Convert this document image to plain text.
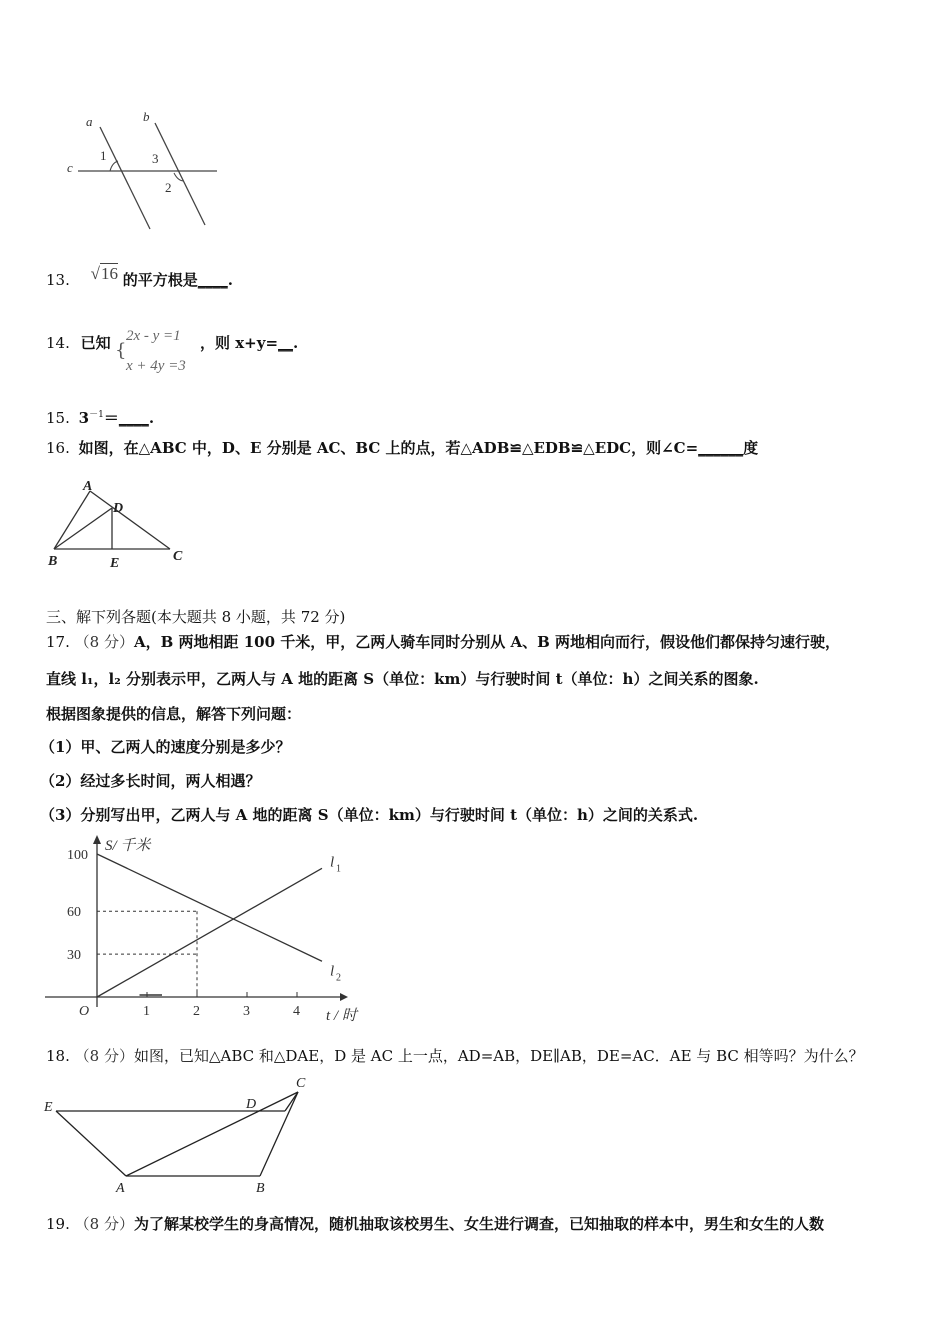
a	b
c
1	3
2
13. √16 的平方根是____.
14. 已知 {
2x - y =1
x + 4y =3
，则 x+y=__.
15. $3^{-1}=\_\_\_\_$.
16. 如图，在△ABC 中，D、E 分别是 AC、BC 上的点，若△ADB≌△EDB≌△EDC，则∠C=______度
A
D
B	E	C
三、解下列各题(本大题共 8 小题，共 72 分)
17. （8 分）A，B 两地相距 100 千米，甲，乙两人骑车同时分别从 A、B 两地相向而行，假设他们都保持匀速行驶，
直线 l₁，l₂ 分别表示甲，乙两人与 A 地的距离 S（单位：km）与行驶时间 t（单位：h）之间关系的图象.
根据图象提供的信息，解答下列问题：
（1）甲、乙两人的速度分别是多少？
（2）经过多长时间，两人相遇？
（3）分别写出甲，乙两人与 A 地的距离 S（单位：km）与行驶时间 t（单位：h）之间的关系式.
S/ 千米
t / 时
O	1	2	3	4
30
60
100	l 1
l 2
18. （8 分）如图，已知△ABC 和△DAE，D 是 AC 上一点，AD=AB，DE∥AB，DE=AC．AE 与 BC 相等吗？为什么？
E	D
C
A	B
19. （8 分）为了解某校学生的身高情况，随机抽取该校男生、女生进行调查，已知抽取的样本中，男生和女生的人数
